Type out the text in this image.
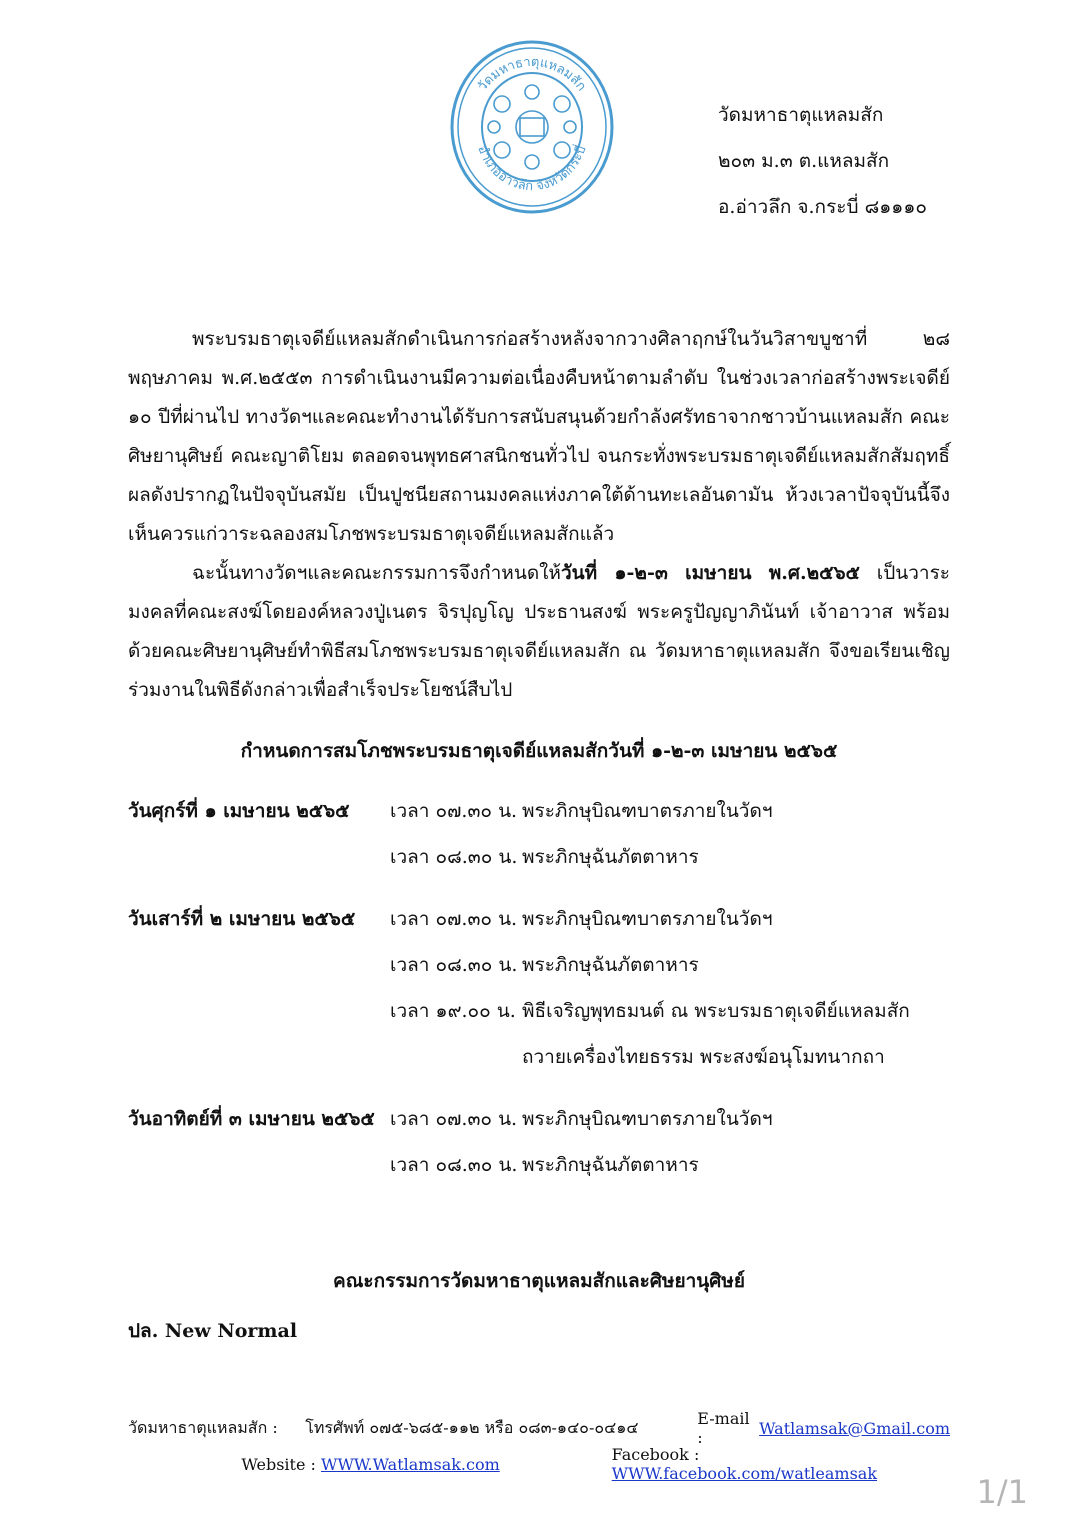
วัดมหาธาตุแหลมสัก
อำเภออ่าวลึก จังหวัดกระบี่
วัดมหาธาตุแหลมสัก
๒๐๓ ม.๓ ต.แหลมสัก
อ.อ่าวลึก จ.กระบี่ ๘๑๑๑๐

พระบรมธาตุเจดีย์แหลมสักดำเนินการก่อสร้างหลังจากวางศิลาฤกษ์ในวันวิสาขบูชาที่ ๒๘ พฤษภาคม พ.ศ.๒๕๕๓ การดำเนินงานมีความต่อเนื่องคืบหน้าตามลำดับ ในช่วงเวลาก่อสร้างพระเจดีย์ ๑๐ ปีที่ผ่านไป ทางวัดฯและคณะทำงานได้รับการสนับสนุนด้วยกำลังศรัทธาจากชาวบ้านแหลมสัก คณะศิษยานุศิษย์ คณะญาติโยม ตลอดจนพุทธศาสนิกชนทั่วไป จนกระทั่งพระบรมธาตุเจดีย์แหลมสักสัมฤทธิ์ผลดังปรากฏในปัจจุบันสมัย เป็นปูชนียสถานมงคลแห่งภาคใต้ด้านทะเลอันดามัน ห้วงเวลาปัจจุบันนี้จึงเห็นควรแก่วาระฉลองสมโภชพระบรมธาตุเจดีย์แหลมสักแล้ว

ฉะนั้นทางวัดฯและคณะกรรมการจึงกำหนดให้วันที่ ๑-๒-๓ เมษายน พ.ศ.๒๕๖๕ เป็นวาระมงคลที่คณะสงฆ์โดยองค์หลวงปู่เนตร จิรปุญโญ ประธานสงฆ์ พระครูปัญญาภินันท์ เจ้าอาวาส พร้อมด้วยคณะศิษยานุศิษย์ทำพิธีสมโภชพระบรมธาตุเจดีย์แหลมสัก ณ วัดมหาธาตุแหลมสัก จึงขอเรียนเชิญร่วมงานในพิธีดังกล่าวเพื่อสำเร็จประโยชน์สืบไป

กำหนดการสมโภชพระบรมธาตุเจดีย์แหลมสักวันที่ ๑-๒-๓ เมษายน ๒๕๖๕
วันศุกร์ที่ ๑ เมษายน ๒๕๖๕	เวลา ๐๗.๓๐ น. พระภิกษุบิณฑบาตรภายในวัดฯ
เวลา ๐๘.๓๐ น. พระภิกษุฉันภัตตาหาร
วันเสาร์ที่ ๒ เมษายน ๒๕๖๕	เวลา ๐๗.๓๐ น. พระภิกษุบิณฑบาตรภายในวัดฯ
เวลา ๐๘.๓๐ น. พระภิกษุฉันภัตตาหาร
เวลา ๑๙.๐๐ น. พิธีเจริญพุทธมนต์ ณ พระบรมธาตุเจดีย์แหลมสัก
ถวายเครื่องไทยธรรม พระสงฆ์อนุโมทนากถา
วันอาทิตย์ที่ ๓ เมษายน ๒๕๖๕ เวลา ๐๗.๓๐ น. พระภิกษุบิณฑบาตรภายในวัดฯ
เวลา ๐๘.๓๐ น. พระภิกษุฉันภัตตาหาร
คณะกรรมการวัดมหาธาตุแหลมสักและศิษยานุศิษย์
ปล. New Normal
วัดมหาธาตุแหลมสัก :	โทรศัพท์ ๐๗๕-๖๘๕-๑๑๒ หรือ ๐๘๓-๑๔๐-๐๔๑๔	E-mail :	Watlamsak@Gmail.com
Website : WWW.Watlamsak.com	Facebook : WWW.facebook.com/watleamsak	1/1
